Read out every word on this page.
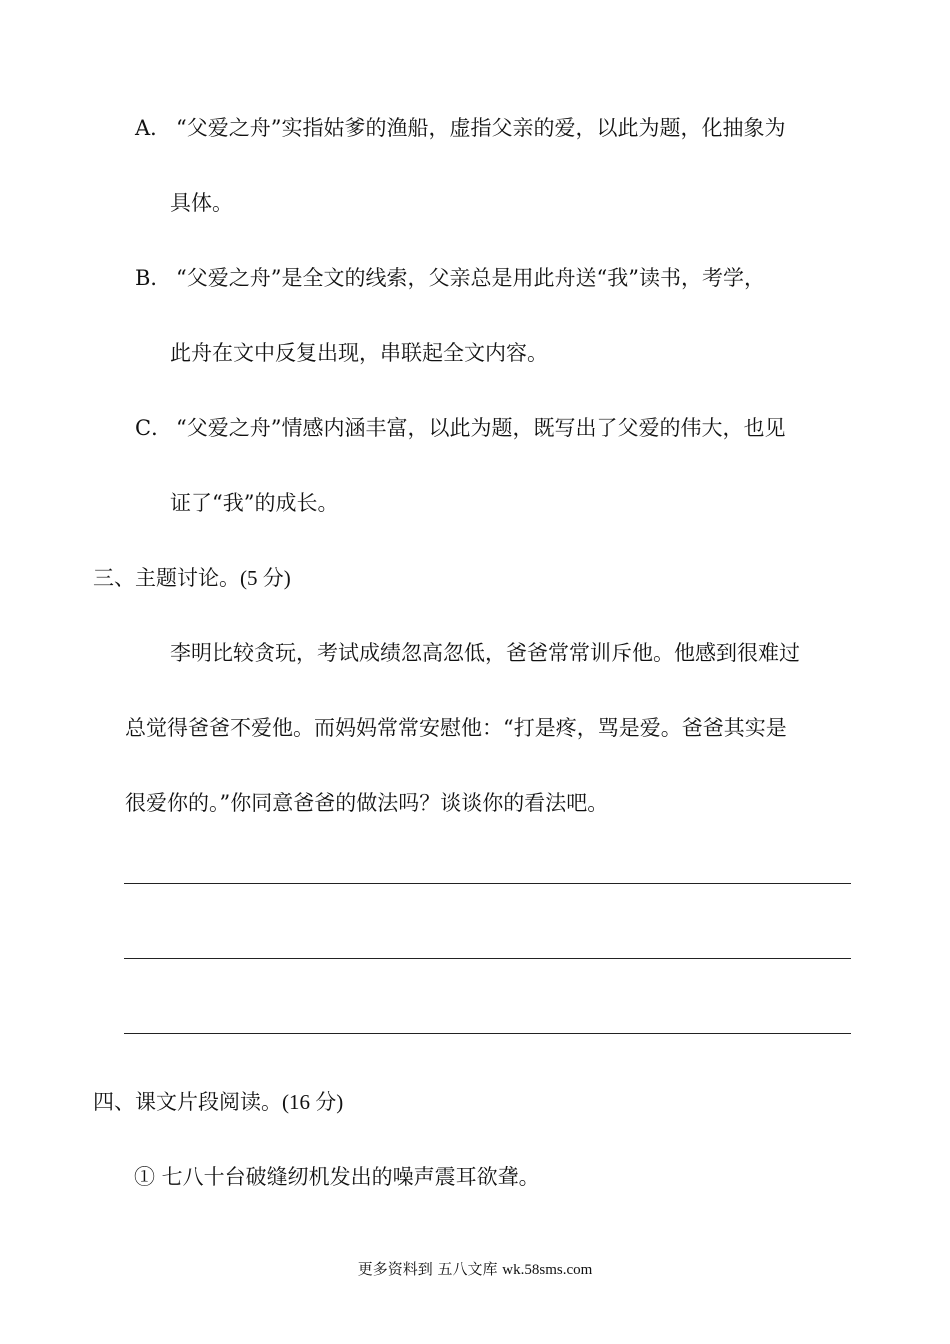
A． “父爱之舟”实指姑爹的渔船，虚指父亲的爱，以此为题，化抽象为
具体。
B． “父爱之舟”是全文的线索，父亲总是用此舟送“我”读书，考学，
此舟在文中反复出现，串联起全文内容。
C． “父爱之舟”情感内涵丰富，以此为题，既写出了父爱的伟大，也见
证了“我”的成长。
三、主题讨论。(5 分)
李明比较贪玩，考试成绩忽高忽低，爸爸常常训斥他。他感到很难过
总觉得爸爸不爱他。而妈妈常常安慰他：“打是疼，骂是爱。爸爸其实是
很爱你的。”你同意爸爸的做法吗？谈谈你的看法吧。
四、课文片段阅读。(16 分)
① 七八十台破缝纫机发出的噪声震耳欲聋。
更多资料到 五八文库 wk.58sms.com
